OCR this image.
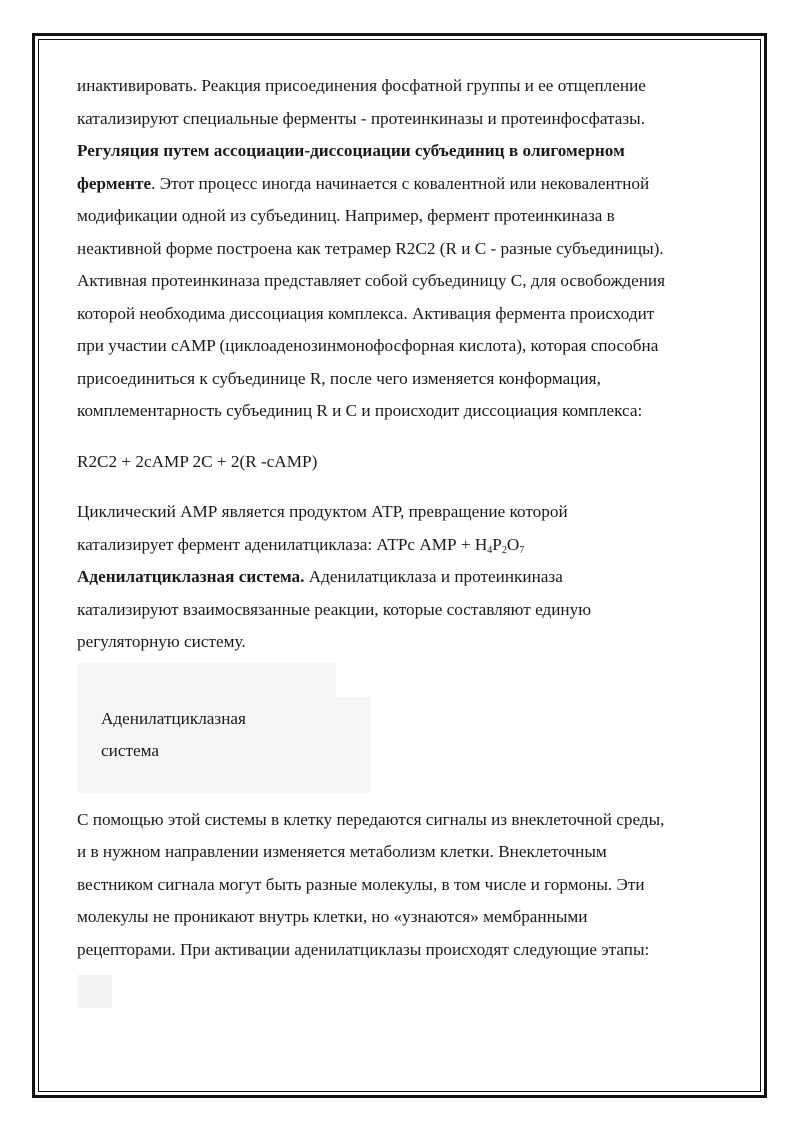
Аденилатциклазная
система
инактивировать. Реакция присоединения фосфатной группы и ее отщепление
катализируют специальные ферменты - протеинкиназы и протеинфосфатазы.
Регуляция путем ассоциации-диссоциации субъединиц в олигомерном
ферменте. Этот процесс иногда начинается с ковалентной или нековалентной
модификации одной из субъединиц. Например, фермент протеинкиназа в
неактивной форме построена как тетрамер R2C2 (R и С - разные субъединицы).
Активная протеинкиназа представляет собой субъединицу С, для освобождения
которой необходима диссоциация комплекса. Активация фермента происходит
при участии cAMP (циклоаденозинмонофосфорная кислота), которая способна
присоединиться к субъединице R, после чего изменяется конформация,
комплементарность субъединиц R и С и происходит диссоциация комплекса:
R2C2 + 2cAMP 2C + 2(R -cAMP)
Циклический АМР является продуктом АТР, превращение которой
катализирует фермент аденилатциклаза: АТРс АМР + $H_4P_2O_7$
Аденилатциклазная система. Аденилатциклаза и протеинкиназа
катализируют взаимосвязанные реакции, которые составляют единую
регуляторную систему.
С помощью этой системы в клетку передаются сигналы из внеклеточной среды,
и в нужном направлении изменяется метаболизм клетки. Внеклеточным
вестником сигнала могут быть разные молекулы, в том числе и гормоны. Эти
молекулы не проникают внутрь клетки, но «узнаются» мембранными
рецепторами. При активации аденилатциклазы происходят следующие этапы:
